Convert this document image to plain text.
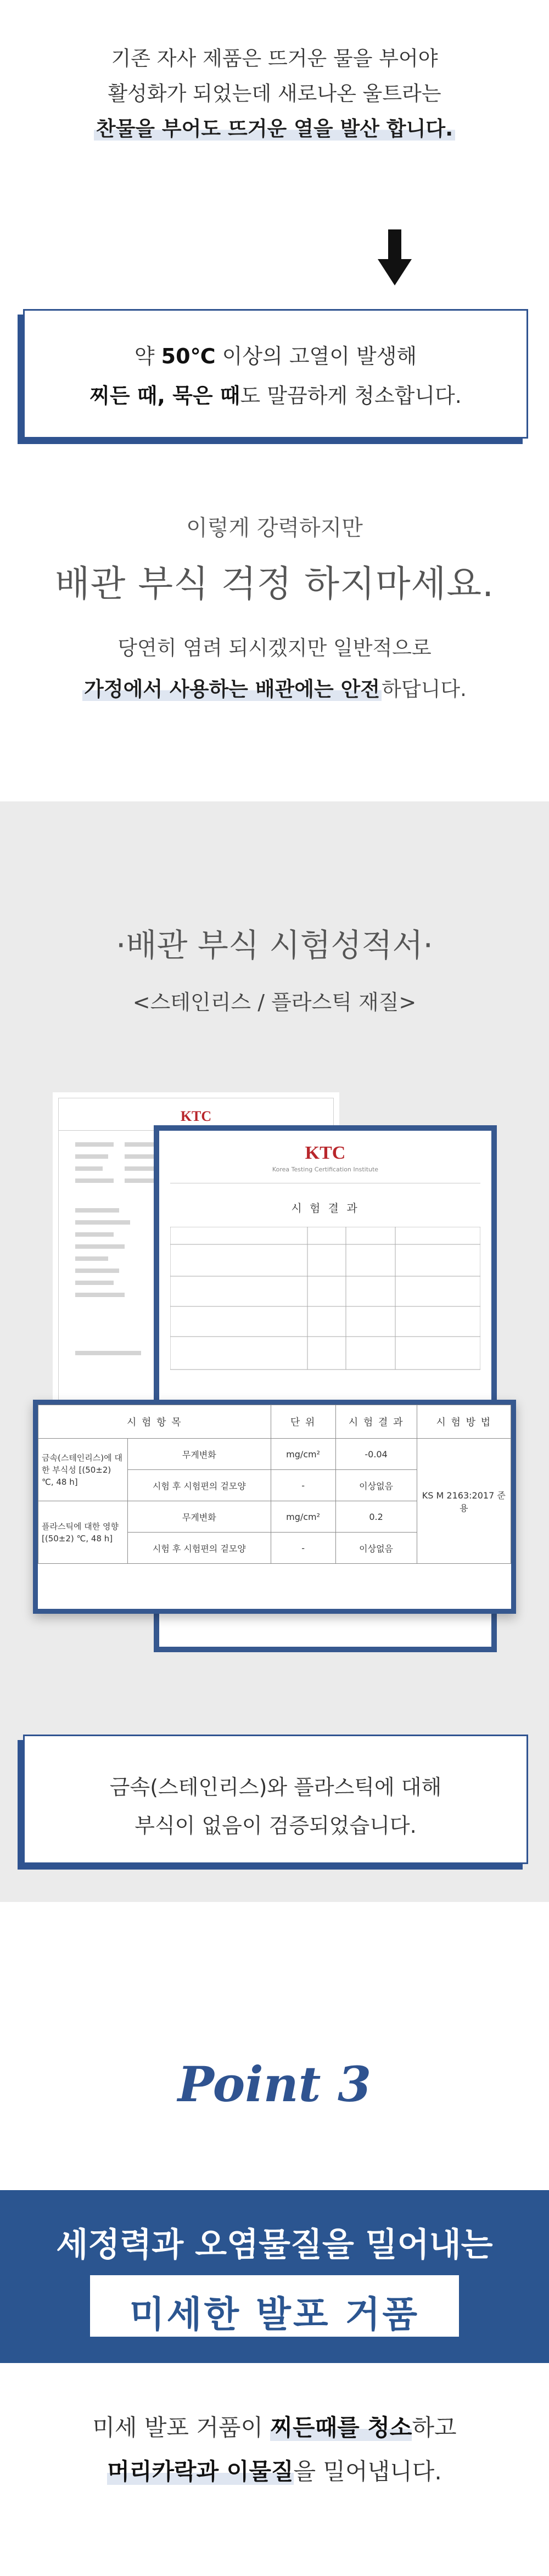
기존 자사 제품은 뜨거운 물을 부어야
활성화가 되었는데 새로나온 울트라는
찬물을 부어도 뜨거운 열을 발산 합니다.
약 50℃ 이상의 고열이 발생해
찌든 때, 묵은 때도 말끔하게 청소합니다.
이렇게 강력하지만
배관 부식 걱정 하지마세요.
당연히 염려 되시겠지만 일반적으로
가정에서 사용하는 배관에는 안전하답니다.
·배관 부식 시험성적서·
<스테인리스 / 플라스틱 재질>
KTC
KTC
Korea Testing Certification Institute
시 험 결 과
시 험 항 목		단 위	시 험 결 과	시 험 방 법
금속(스테인리스)에 대한 부식성 [(50±2) ℃, 48 h]	무게변화	mg/cm²	-0.04	KS M 2163:2017 준용
	시험 후 시험편의 겉모양	-	이상없음	
플라스틱에 대한 영향 [(50±2) ℃, 48 h]	무게변화	mg/cm²	0.2	
	시험 후 시험편의 겉모양	-	이상없음	
금속(스테인리스)와 플라스틱에 대해
부식이 없음이 검증되었습니다.
Point 3
세정력과 오염물질을 밀어내는
미세한 발포 거품
미세 발포 거품이 찌든때를 청소하고
머리카락과 이물질을 밀어냅니다.
